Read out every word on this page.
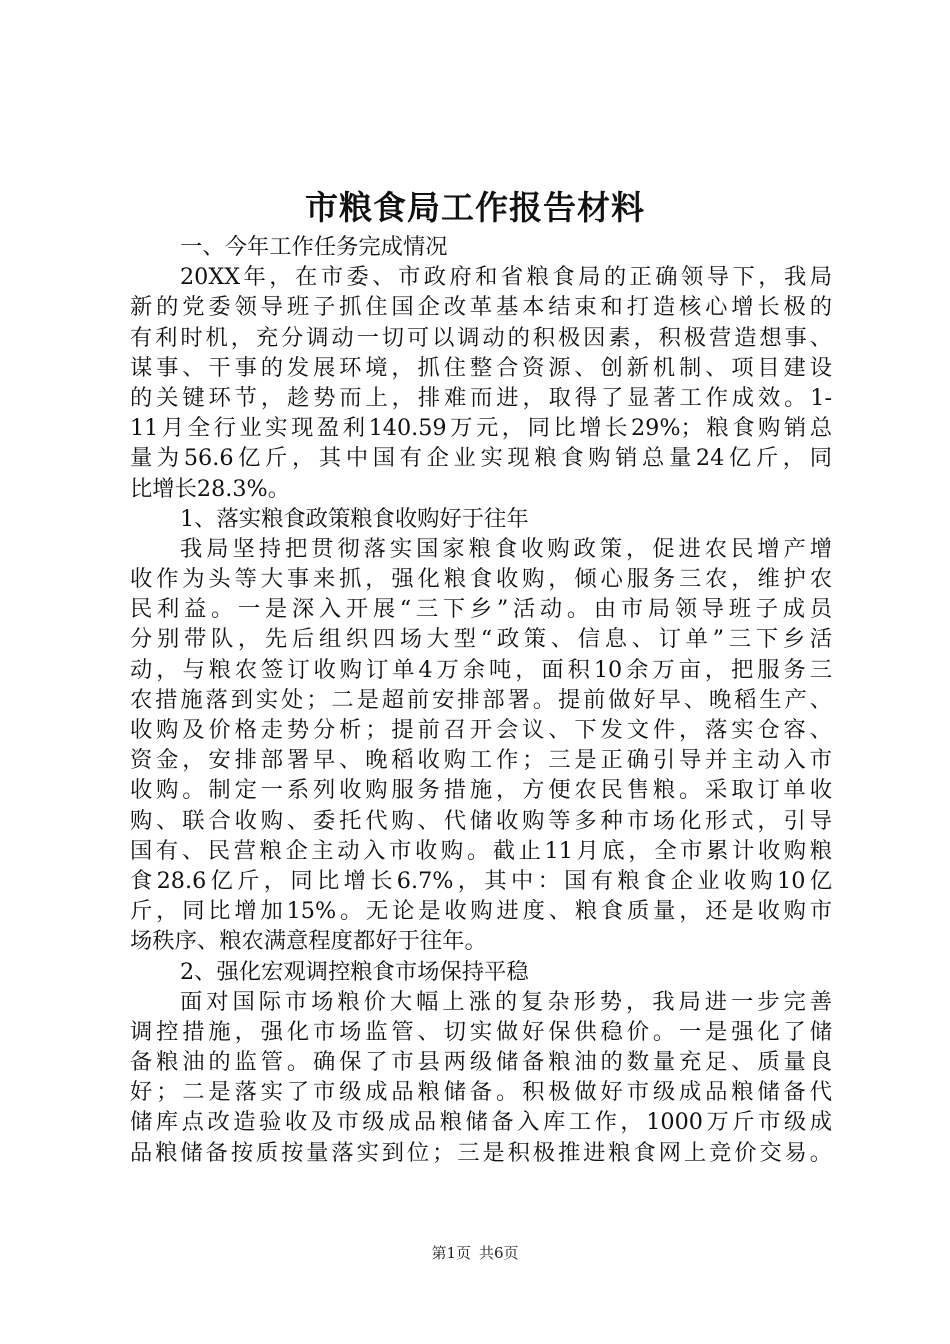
市粮食局工作报告材料
一、今年工作任务完成情况
20XX年，在市委、市政府和省粮食局的正确领导下，我局
新的党委领导班子抓住国企改革基本结束和打造核心增长极的
有利时机，充分调动一切可以调动的积极因素，积极营造想事、
谋事、干事的发展环境，抓住整合资源、创新机制、项目建设
的关键环节，趁势而上，排难而进，取得了显著工作成效。1-
11月全行业实现盈利140.59万元，同比增长29%；粮食购销总
量为56.6亿斤，其中国有企业实现粮食购销总量24亿斤，同
比增长28.3%。
1、落实粮食政策粮食收购好于往年
我局坚持把贯彻落实国家粮食收购政策，促进农民增产增
收作为头等大事来抓，强化粮食收购，倾心服务三农，维护农
民利益。一是深入开展“三下乡”活动。由市局领导班子成员
分别带队，先后组织四场大型“政策、信息、订单”三下乡活
动，与粮农签订收购订单4万余吨，面积10余万亩，把服务三
农措施落到实处；二是超前安排部署。提前做好早、晚稻生产、
收购及价格走势分析；提前召开会议、下发文件，落实仓容、
资金，安排部署早、晚稻收购工作；三是正确引导并主动入市
收购。制定一系列收购服务措施，方便农民售粮。采取订单收
购、联合收购、委托代购、代储收购等多种市场化形式，引导
国有、民营粮企主动入市收购。截止11月底，全市累计收购粮
食28.6亿斤，同比增长6.7%，其中：国有粮食企业收购10亿
斤，同比增加15%。无论是收购进度、粮食质量，还是收购市
场秩序、粮农满意程度都好于往年。
2、强化宏观调控粮食市场保持平稳
面对国际市场粮价大幅上涨的复杂形势，我局进一步完善
调控措施，强化市场监管、切实做好保供稳价。一是强化了储
备粮油的监管。确保了市县两级储备粮油的数量充足、质量良
好；二是落实了市级成品粮储备。积极做好市级成品粮储备代
储库点改造验收及市级成品粮储备入库工作，1000万斤市级成
品粮储备按质按量落实到位；三是积极推进粮食网上竞价交易。
第1页 共6页
